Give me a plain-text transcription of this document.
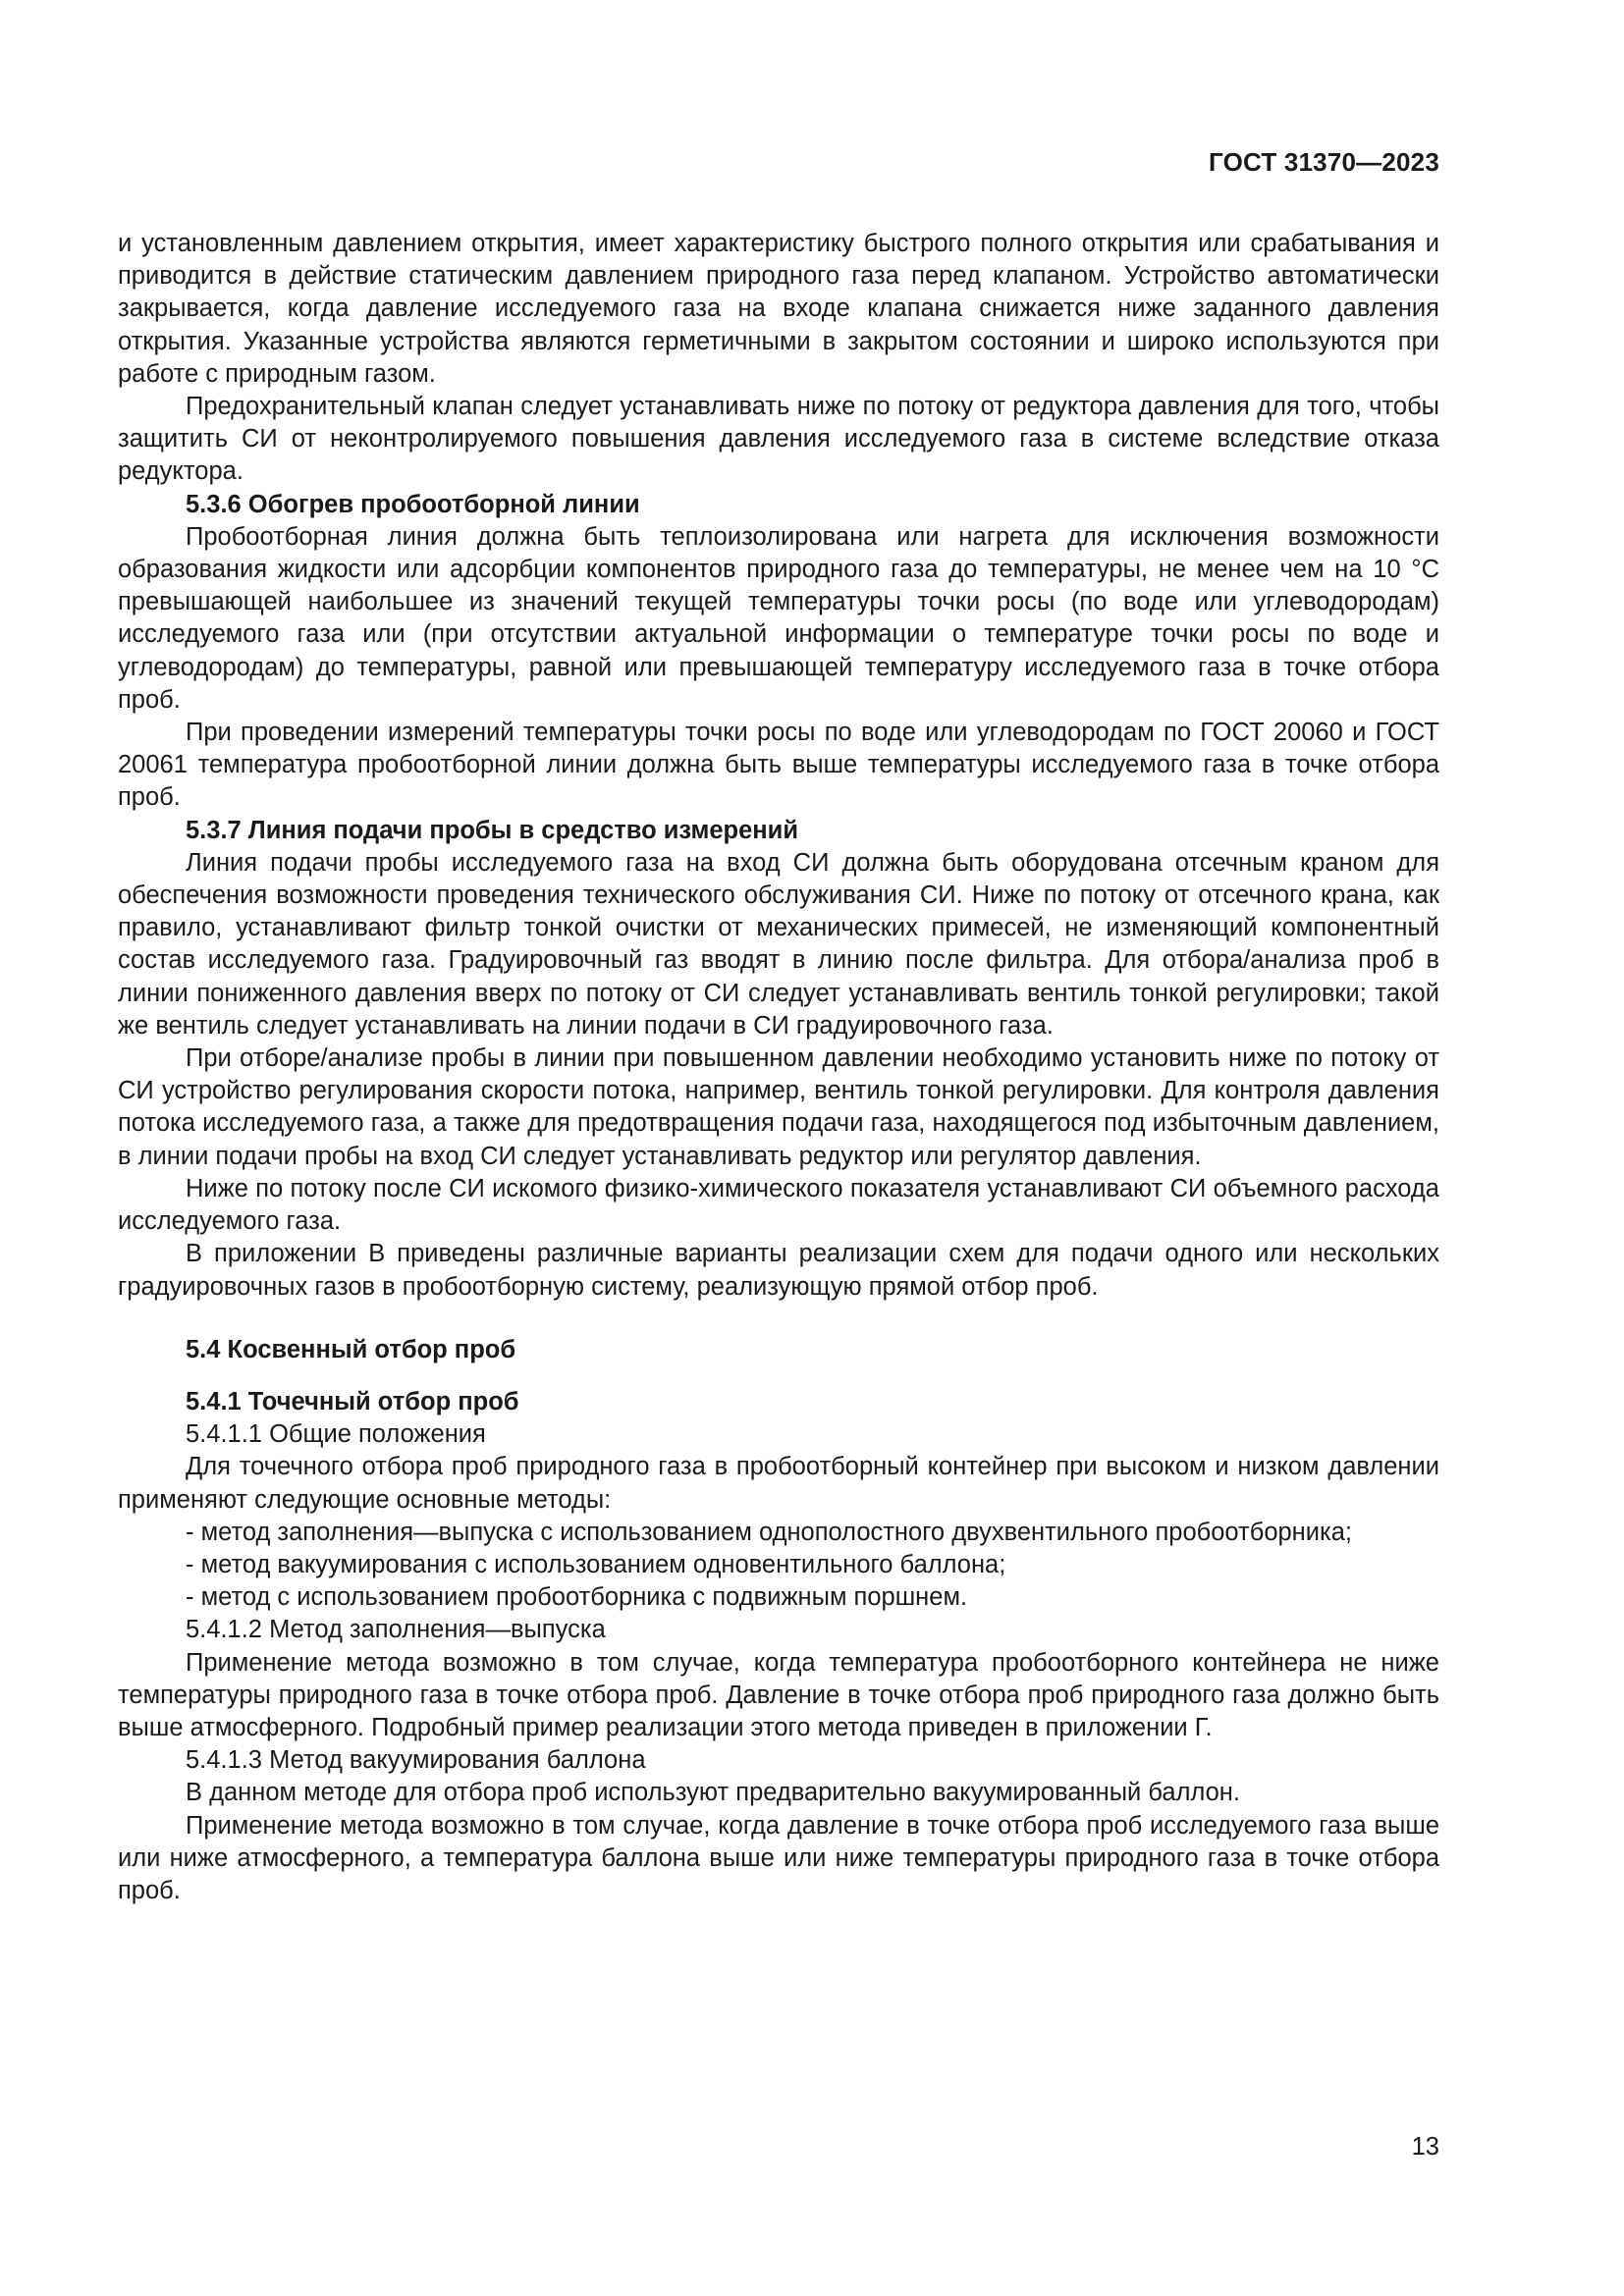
ГОСТ 31370—2023

и установленным давлением открытия, имеет характеристику быстрого полного открытия или срабатывания и приводится в действие статическим давлением природного газа перед клапаном. Устройство автоматически закрывается, когда давление исследуемого газа на входе клапана снижается ниже заданного давления открытия. Указанные устройства являются герметичными в закрытом состоянии и широко используются при работе с природным газом.

Предохранительный клапан следует устанавливать ниже по потоку от редуктора давления для того, чтобы защитить СИ от неконтролируемого повышения давления исследуемого газа в системе вследствие отказа редуктора.

5.3.6 Обогрев пробоотборной линии

Пробоотборная линия должна быть теплоизолирована или нагрета для исключения возможности образования жидкости или адсорбции компонентов природного газа до температуры, не менее чем на 10 °С превышающей наибольшее из значений текущей температуры точки росы (по воде или углеводородам) исследуемого газа или (при отсутствии актуальной информации о температуре точки росы по воде и углеводородам) до температуры, равной или превышающей температуру исследуемого газа в точке отбора проб.

При проведении измерений температуры точки росы по воде или углеводородам по ГОСТ 20060 и ГОСТ 20061 температура пробоотборной линии должна быть выше температуры исследуемого газа в точке отбора проб.

5.3.7 Линия подачи пробы в средство измерений

Линия подачи пробы исследуемого газа на вход СИ должна быть оборудована отсечным краном для обеспечения возможности проведения технического обслуживания СИ. Ниже по потоку от отсечного крана, как правило, устанавливают фильтр тонкой очистки от механических примесей, не изменяющий компонентный состав исследуемого газа. Градуировочный газ вводят в линию после фильтра. Для отбора/анализа проб в линии пониженного давления вверх по потоку от СИ следует устанавливать вентиль тонкой регулировки; такой же вентиль следует устанавливать на линии подачи в СИ градуировочного газа.

При отборе/анализе пробы в линии при повышенном давлении необходимо установить ниже по потоку от СИ устройство регулирования скорости потока, например, вентиль тонкой регулировки. Для контроля давления потока исследуемого газа, а также для предотвращения подачи газа, находящегося под избыточным давлением, в линии подачи пробы на вход СИ следует устанавливать редуктор или регулятор давления.

Ниже по потоку после СИ искомого физико-химического показателя устанавливают СИ объемного расхода исследуемого газа.

В приложении В приведены различные варианты реализации схем для подачи одного или нескольких градуировочных газов в пробоотборную систему, реализующую прямой отбор проб.

5.4 Косвенный отбор проб

5.4.1 Точечный отбор проб

5.4.1.1 Общие положения

Для точечного отбора проб природного газа в пробоотборный контейнер при высоком и низком давлении применяют следующие основные методы:

- метод заполнения—выпуска с использованием однополостного двухвентильного пробоотборника;

- метод вакуумирования с использованием одновентильного баллона;

- метод с использованием пробоотборника с подвижным поршнем.

5.4.1.2 Метод заполнения—выпуска

Применение метода возможно в том случае, когда температура пробоотборного контейнера не ниже температуры природного газа в точке отбора проб. Давление в точке отбора проб природного газа должно быть выше атмосферного. Подробный пример реализации этого метода приведен в приложении Г.

5.4.1.3 Метод вакуумирования баллона

В данном методе для отбора проб используют предварительно вакуумированный баллон.

Применение метода возможно в том случае, когда давление в точке отбора проб исследуемого газа выше или ниже атмосферного, а температура баллона выше или ниже температуры природного газа в точке отбора проб.

13
